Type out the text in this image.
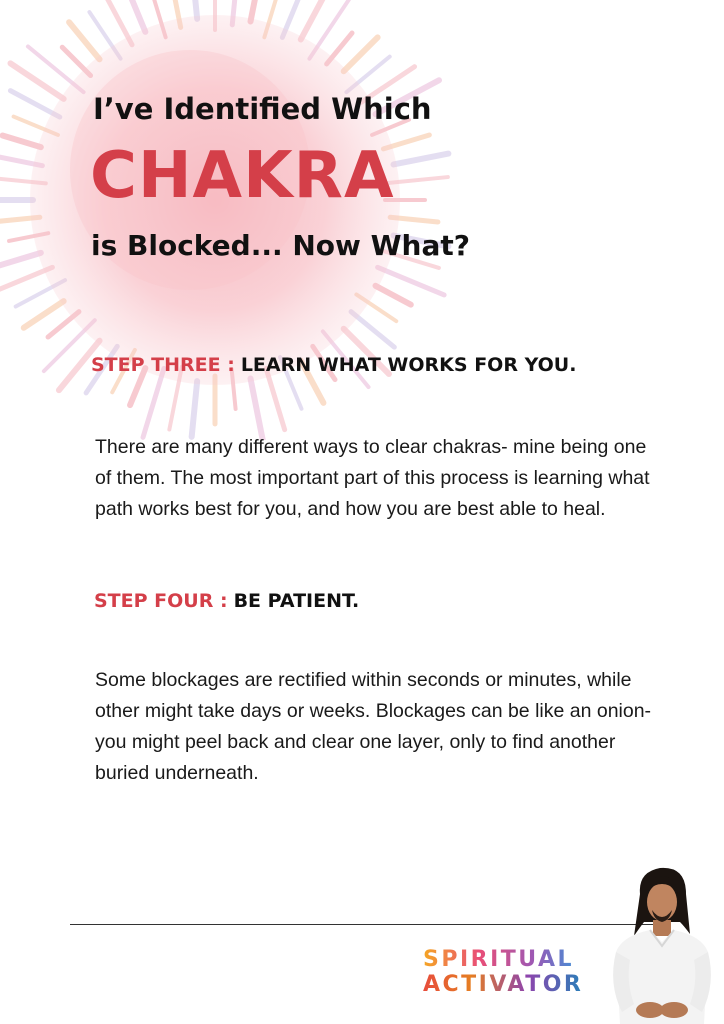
I’ve Identified Which
CHAKRA
is Blocked... Now What?
STEP THREE : LEARN WHAT WORKS FOR YOU.

There are many different ways to clear chakras- mine being one of them. The most important part of this process is learning what path works best for you, and how you are best able to heal.

STEP FOUR : BE PATIENT.

Some blockages are rectified within seconds or minutes, while other might take days or weeks. Blockages can be like an onion- you might peel back and clear one layer, only to find another buried underneath.

SPIRITUAL
ACTIVATOR
